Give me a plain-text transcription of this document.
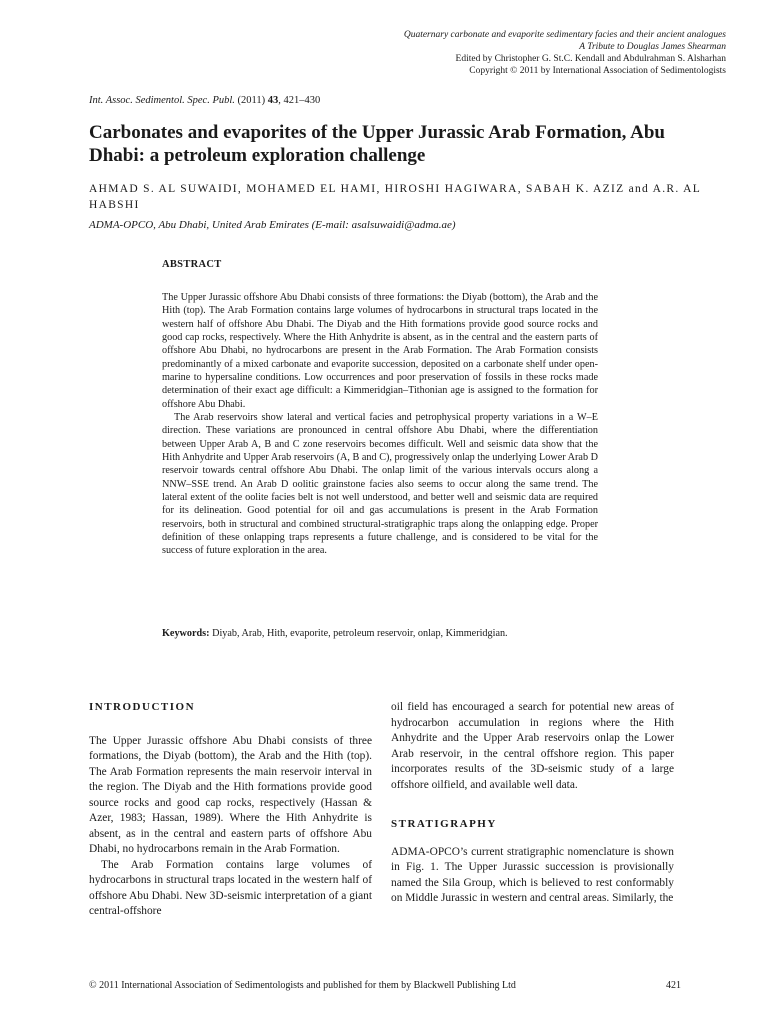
Quaternary carbonate and evaporite sedimentary facies and their ancient analogues
A Tribute to Douglas James Shearman
Edited by Christopher G. St.C. Kendall and Abdulrahman S. Alsharhan
Copyright © 2011 by International Association of Sedimentologists
Int. Assoc. Sedimentol. Spec. Publ. (2011) 43, 421–430
Carbonates and evaporites of the Upper Jurassic Arab Formation, Abu Dhabi: a petroleum exploration challenge
AHMAD S. AL SUWAIDI, MOHAMED EL HAMI, HIROSHI HAGIWARA, SABAH K. AZIZ and A.R. AL HABSHI
ADMA-OPCO, Abu Dhabi, United Arab Emirates (E-mail: asalsuwaidi@adma.ae)
ABSTRACT

The Upper Jurassic offshore Abu Dhabi consists of three formations: the Diyab (bottom), the Arab and the Hith (top). The Arab Formation contains large volumes of hydrocarbons in structural traps located in the western half of offshore Abu Dhabi. The Diyab and the Hith formations provide good source rocks and good cap rocks, respectively. Where the Hith Anhydrite is absent, as in the central and the eastern parts of offshore Abu Dhabi, no hydrocarbons are present in the Arab Formation. The Arab Formation consists predominantly of a mixed carbonate and evaporite succession, deposited on a carbonate shelf under open-marine to hypersaline conditions. Low occurrences and poor preservation of fossils in these rocks made determination of their exact age difficult: a Kimmeridgian–Tithonian age is assigned to the formation for offshore Abu Dhabi.

The Arab reservoirs show lateral and vertical facies and petrophysical property variations in a W–E direction. These variations are pronounced in central offshore Abu Dhabi, where the differentiation between Upper Arab A, B and C zone reservoirs becomes difficult. Well and seismic data show that the Hith Anhydrite and Upper Arab reservoirs (A, B and C), progressively onlap the underlying Lower Arab D reservoir towards central offshore Abu Dhabi. The onlap limit of the various intervals occurs along a NNW–SSE trend. An Arab D oolitic grainstone facies also seems to occur along the same trend. The lateral extent of the oolite facies belt is not well understood, and better well and seismic data are required for its delineation. Good potential for oil and gas accumulations is present in the Arab Formation reservoirs, both in structural and combined structural-stratigraphic traps along the onlapping edge. Proper definition of these onlapping traps represents a future challenge, and is considered to be vital for the success of future exploration in the area.

Keywords: Diyab, Arab, Hith, evaporite, petroleum reservoir, onlap, Kimmeridgian.
INTRODUCTION

The Upper Jurassic offshore Abu Dhabi consists of three formations, the Diyab (bottom), the Arab and the Hith (top). The Arab Formation represents the main reservoir interval in the region. The Diyab and the Hith formations provide good source rocks and good cap rocks, respectively (Hassan & Azer, 1983; Hassan, 1989). Where the Hith Anhydrite is absent, as in the central and eastern parts of offshore Abu Dhabi, no hydrocarbons remain in the Arab Formation.

The Arab Formation contains large volumes of hydrocarbons in structural traps located in the western half of offshore Abu Dhabi. New 3D-seismic interpretation of a giant central-offshore

oil field has encouraged a search for potential new areas of hydrocarbon accumulation in regions where the Hith Anhydrite and the Upper Arab reservoirs onlap the Lower Arab reservoir, in the central offshore region. This paper incorporates results of the 3D-seismic study of a large offshore oilfield, and available well data.

STRATIGRAPHY

ADMA-OPCO’s current stratigraphic nomenclature is shown in Fig. 1. The Upper Jurassic succession is provisionally named the Sila Group, which is believed to rest conformably on Middle Jurassic in western and central areas. Similarly, the

© 2011 International Association of Sedimentologists and published for them by Blackwell Publishing Ltd	421
